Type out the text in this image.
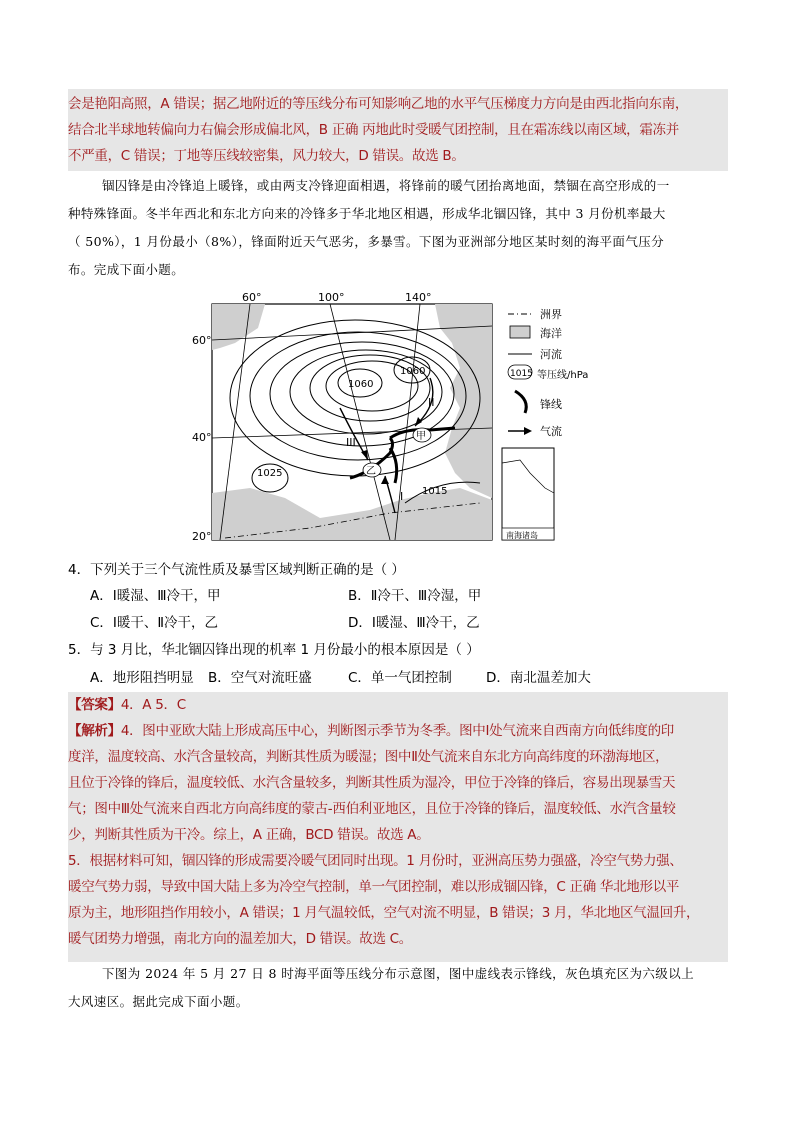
会是艳阳高照，A 错误；据乙地附近的等压线分布可知影响乙地的水平气压梯度力方向是由西北指向东南，
结合北半球地转偏向力右偏会形成偏北风，B 正确 丙地此时受暖气团控制，且在霜冻线以南区域，霜冻并
不严重，C 错误；丁地等压线较密集，风力较大，D 错误。故选 B。
锢囚锋是由冷锋追上暖锋，或由两支冷锋迎面相遇，将锋前的暖气团抬离地面，禁锢在高空形成的一
种特殊锋面。冬半年西北和东北方向来的冷锋多于华北地区相遇，形成华北锢囚锋，其中 3 月份机率最大
（ 50%），1 月份最小（8%），锋面附近天气恶劣，多暴雪。下图为亚洲部分地区某时刻的海平面气压分
布。完成下面小题。
60°	100°	140°
60°
40°
20°
1060
1060
1025
1015
I
II
III	甲
乙
南海诸岛
洲界
海洋
河流
1015 等压线/hPa
锋线
气流
4．下列关于三个气流性质及暴雪区域判断正确的是（ ）
A．Ⅰ暖湿、Ⅲ冷干，甲	B．Ⅱ冷干、Ⅲ冷湿，甲
C．Ⅰ暖干、Ⅱ冷干，乙	D．Ⅰ暖湿、Ⅲ冷干，乙
5．与 3 月比，华北锢囚锋出现的机率 1 月份最小的根本原因是（ ）
A．地形阻挡明显 B．空气对流旺盛	C．单一气团控制	D．南北温差加大
【答案】4．A 5．C
【解析】4．图中亚欧大陆上形成高压中心，判断图示季节为冬季。图中Ⅰ处气流来自西南方向低纬度的印
度洋，温度较高、水汽含量较高，判断其性质为暖湿；图中Ⅱ处气流来自东北方向高纬度的环渤海地区，
且位于冷锋的锋后，温度较低、水汽含量较多，判断其性质为湿冷，甲位于冷锋的锋后，容易出现暴雪天
气；图中Ⅲ处气流来自西北方向高纬度的蒙古-西伯利亚地区，且位于冷锋的锋后，温度较低、水汽含量较
少，判断其性质为干冷。综上，A 正确，BCD 错误。故选 A。
5．根据材料可知，锢囚锋的形成需要冷暖气团同时出现。1 月份时，亚洲高压势力强盛，冷空气势力强、
暖空气势力弱，导致中国大陆上多为冷空气控制，单一气团控制，难以形成锢囚锋，C 正确 华北地形以平
原为主，地形阻挡作用较小，A 错误；1 月气温较低，空气对流不明显，B 错误；3 月，华北地区气温回升，
暖气团势力增强，南北方向的温差加大，D 错误。故选 C。
下图为 2024 年 5 月 27 日 8 时海平面等压线分布示意图，图中虚线表示锋线，灰色填充区为六级以上
大风速区。据此完成下面小题。
